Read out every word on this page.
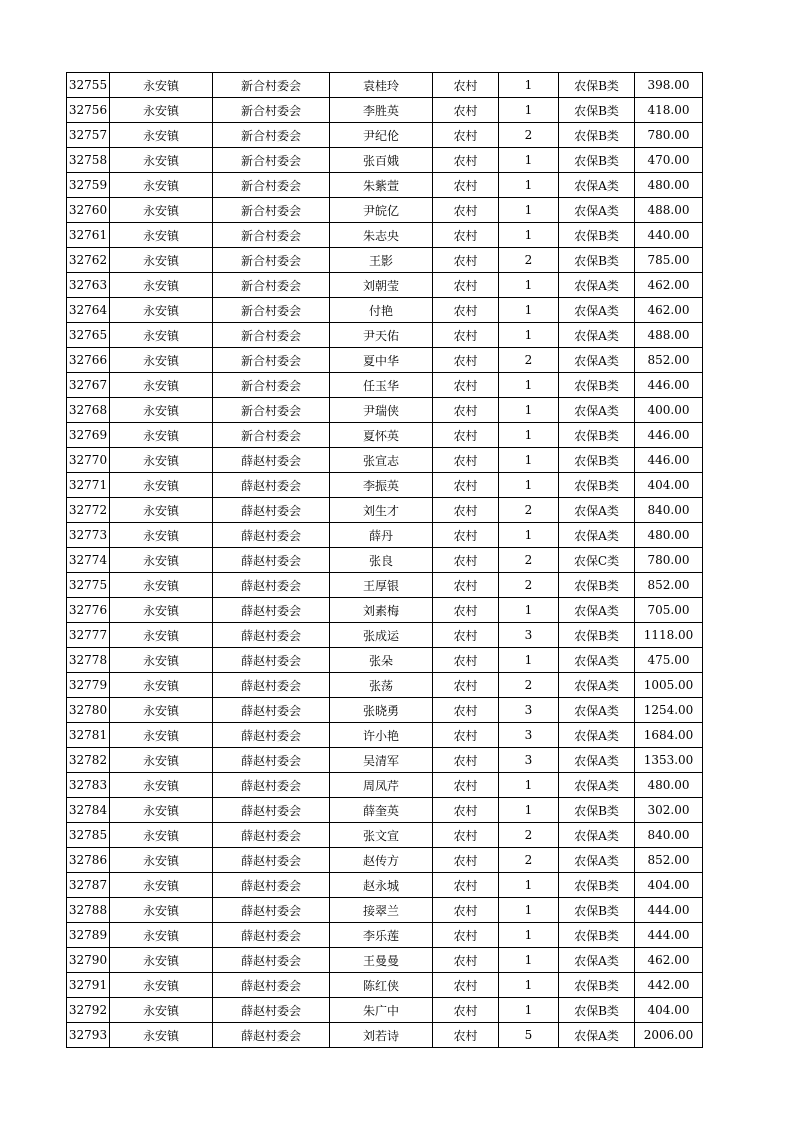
32755	永安镇	新合村委会	袁桂玲	农村	1	农保B类	398.00
32756	永安镇	新合村委会	李胜英	农村	1	农保B类	418.00
32757	永安镇	新合村委会	尹纪伦	农村	2	农保B类	780.00
32758	永安镇	新合村委会	张百娥	农村	1	农保B类	470.00
32759	永安镇	新合村委会	朱紫萱	农村	1	农保A类	480.00
32760	永安镇	新合村委会	尹皖亿	农村	1	农保A类	488.00
32761	永安镇	新合村委会	朱志央	农村	1	农保B类	440.00
32762	永安镇	新合村委会	王影	农村	2	农保B类	785.00
32763	永安镇	新合村委会	刘朝莹	农村	1	农保A类	462.00
32764	永安镇	新合村委会	付艳	农村	1	农保A类	462.00
32765	永安镇	新合村委会	尹天佑	农村	1	农保A类	488.00
32766	永安镇	新合村委会	夏中华	农村	2	农保A类	852.00
32767	永安镇	新合村委会	任玉华	农村	1	农保B类	446.00
32768	永安镇	新合村委会	尹瑞侠	农村	1	农保A类	400.00
32769	永安镇	新合村委会	夏怀英	农村	1	农保B类	446.00
32770	永安镇	薛赵村委会	张宣志	农村	1	农保B类	446.00
32771	永安镇	薛赵村委会	李振英	农村	1	农保B类	404.00
32772	永安镇	薛赵村委会	刘生才	农村	2	农保A类	840.00
32773	永安镇	薛赵村委会	薛丹	农村	1	农保A类	480.00
32774	永安镇	薛赵村委会	张良	农村	2	农保C类	780.00
32775	永安镇	薛赵村委会	王厚银	农村	2	农保B类	852.00
32776	永安镇	薛赵村委会	刘素梅	农村	1	农保A类	705.00
32777	永安镇	薛赵村委会	张成运	农村	3	农保B类	1118.00
32778	永安镇	薛赵村委会	张朵	农村	1	农保A类	475.00
32779	永安镇	薛赵村委会	张荡	农村	2	农保A类	1005.00
32780	永安镇	薛赵村委会	张晓勇	农村	3	农保A类	1254.00
32781	永安镇	薛赵村委会	许小艳	农村	3	农保A类	1684.00
32782	永安镇	薛赵村委会	吴清军	农村	3	农保A类	1353.00
32783	永安镇	薛赵村委会	周凤芹	农村	1	农保A类	480.00
32784	永安镇	薛赵村委会	薛奎英	农村	1	农保B类	302.00
32785	永安镇	薛赵村委会	张文宣	农村	2	农保A类	840.00
32786	永安镇	薛赵村委会	赵传方	农村	2	农保A类	852.00
32787	永安镇	薛赵村委会	赵永城	农村	1	农保B类	404.00
32788	永安镇	薛赵村委会	接翠兰	农村	1	农保B类	444.00
32789	永安镇	薛赵村委会	李乐莲	农村	1	农保B类	444.00
32790	永安镇	薛赵村委会	王曼曼	农村	1	农保A类	462.00
32791	永安镇	薛赵村委会	陈红侠	农村	1	农保B类	442.00
32792	永安镇	薛赵村委会	朱广中	农村	1	农保B类	404.00
32793	永安镇	薛赵村委会	刘若诗	农村	5	农保A类	2006.00
